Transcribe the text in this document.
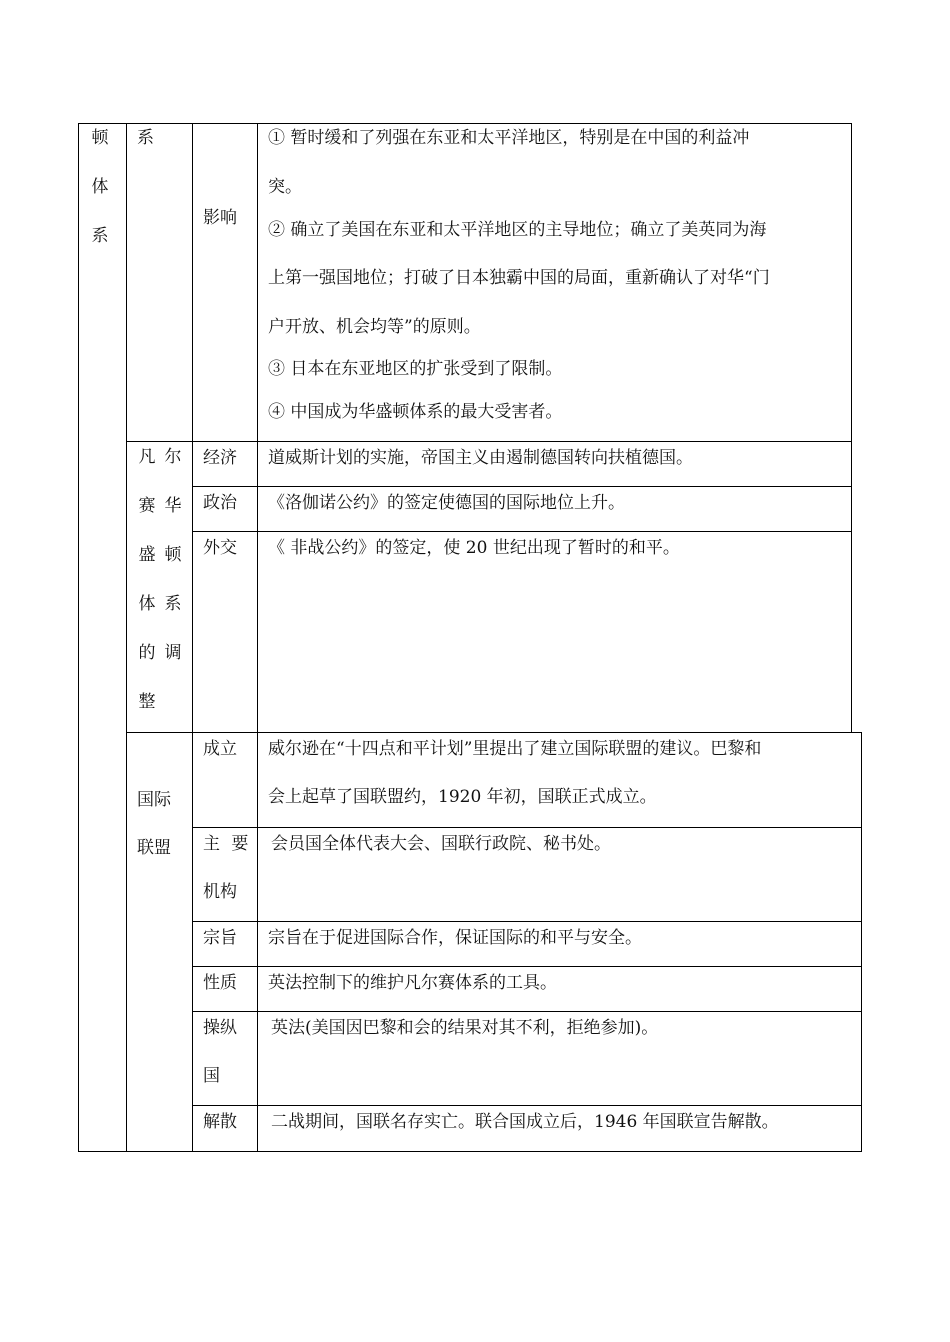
顿体系
系
影响
① 暂时缓和了列强在东亚和太平洋地区，特别是在中国的利益冲
突。
② 确立了美国在东亚和太平洋地区的主导地位；确立了美英同为海
上第一强国地位；打破了日本独霸中国的局面，重新确认了对华“门
户开放、机会均等”的原则。
③ 日本在东亚地区的扩张受到了限制。
④ 中国成为华盛顿体系的最大受害者。
凡赛盛体的整
尔华顿系调
经济 道威斯计划的实施，帝国主义由遏制德国转向扶植德国。
政治 《洛伽诺公约》的签定使德国的国际地位上升。
外交 《 非战公约》的签定，使 20 世纪出现了暂时的和平。
国际
联盟
成立 威尔逊在“十四点和平计划”里提出了建立国际联盟的建议。巴黎和
会上起草了国联盟约，1920 年初，国联正式成立。
主 要
机构
会员国全体代表大会、国联行政院、秘书处。
宗旨 宗旨在于促进国际合作，保证国际的和平与安全。
性质 英法控制下的维护凡尔赛体系的工具。
操纵
国
英法(美国因巴黎和会的结果对其不利，拒绝参加)。
解散 二战期间，国联名存实亡。联合国成立后，1946 年国联宣告解散。
